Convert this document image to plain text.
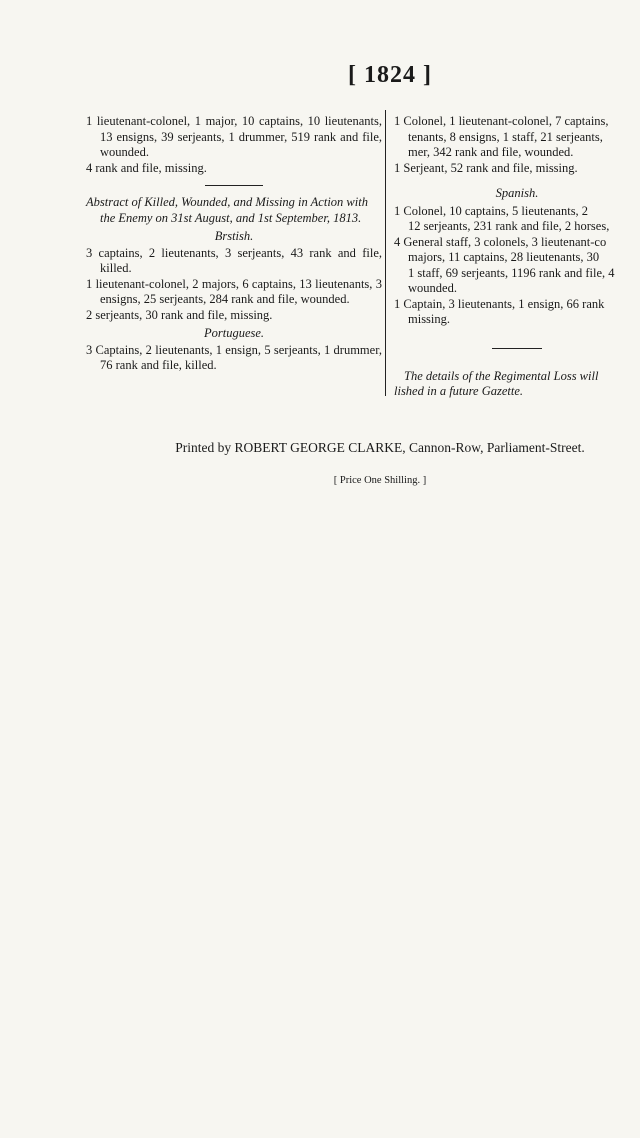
[ 1824 ]

1 lieutenant-colonel, 1 major, 10 captains, 10 lieutenants, 13 ensigns, 39 serjeants, 1 drummer, 519 rank and file, wounded.

4 rank and file, missing.

Abstract of Killed, Wounded, and Missing in Action with the Enemy on 31st August, and 1st September, 1813.

Brstish.

3 captains, 2 lieutenants, 3 serjeants, 43 rank and file, killed.

1 lieutenant-colonel, 2 majors, 6 captains, 13 lieutenants, 3 ensigns, 25 serjeants, 284 rank and file, wounded.

2 serjeants, 30 rank and file, missing.

Portuguese.

3 Captains, 2 lieutenants, 1 ensign, 5 serjeants, 1 drummer, 76 rank and file, killed.

1 Colonel, 1 lieutenant-colonel, 7 captains,

tenants, 8 ensigns, 1 staff, 21 serjeants,

mer, 342 rank and file, wounded.

1 Serjeant, 52 rank and file, missing.

Spanish.

1 Colonel, 10 captains, 5 lieutenants, 2

12 serjeants, 231 rank and file, 2 horses,

4 General staff, 3 colonels, 3 lieutenant-co

majors, 11 captains, 28 lieutenants, 30

1 staff, 69 serjeants, 1196 rank and file, 4

wounded.

1 Captain, 3 lieutenants, 1 ensign, 66 rank

missing.

The details of the Regimental Loss will

lished in a future Gazette.

Printed by ROBERT GEORGE CLARKE, Cannon-Row, Parliament-Street.
[ Price One Shilling. ]
